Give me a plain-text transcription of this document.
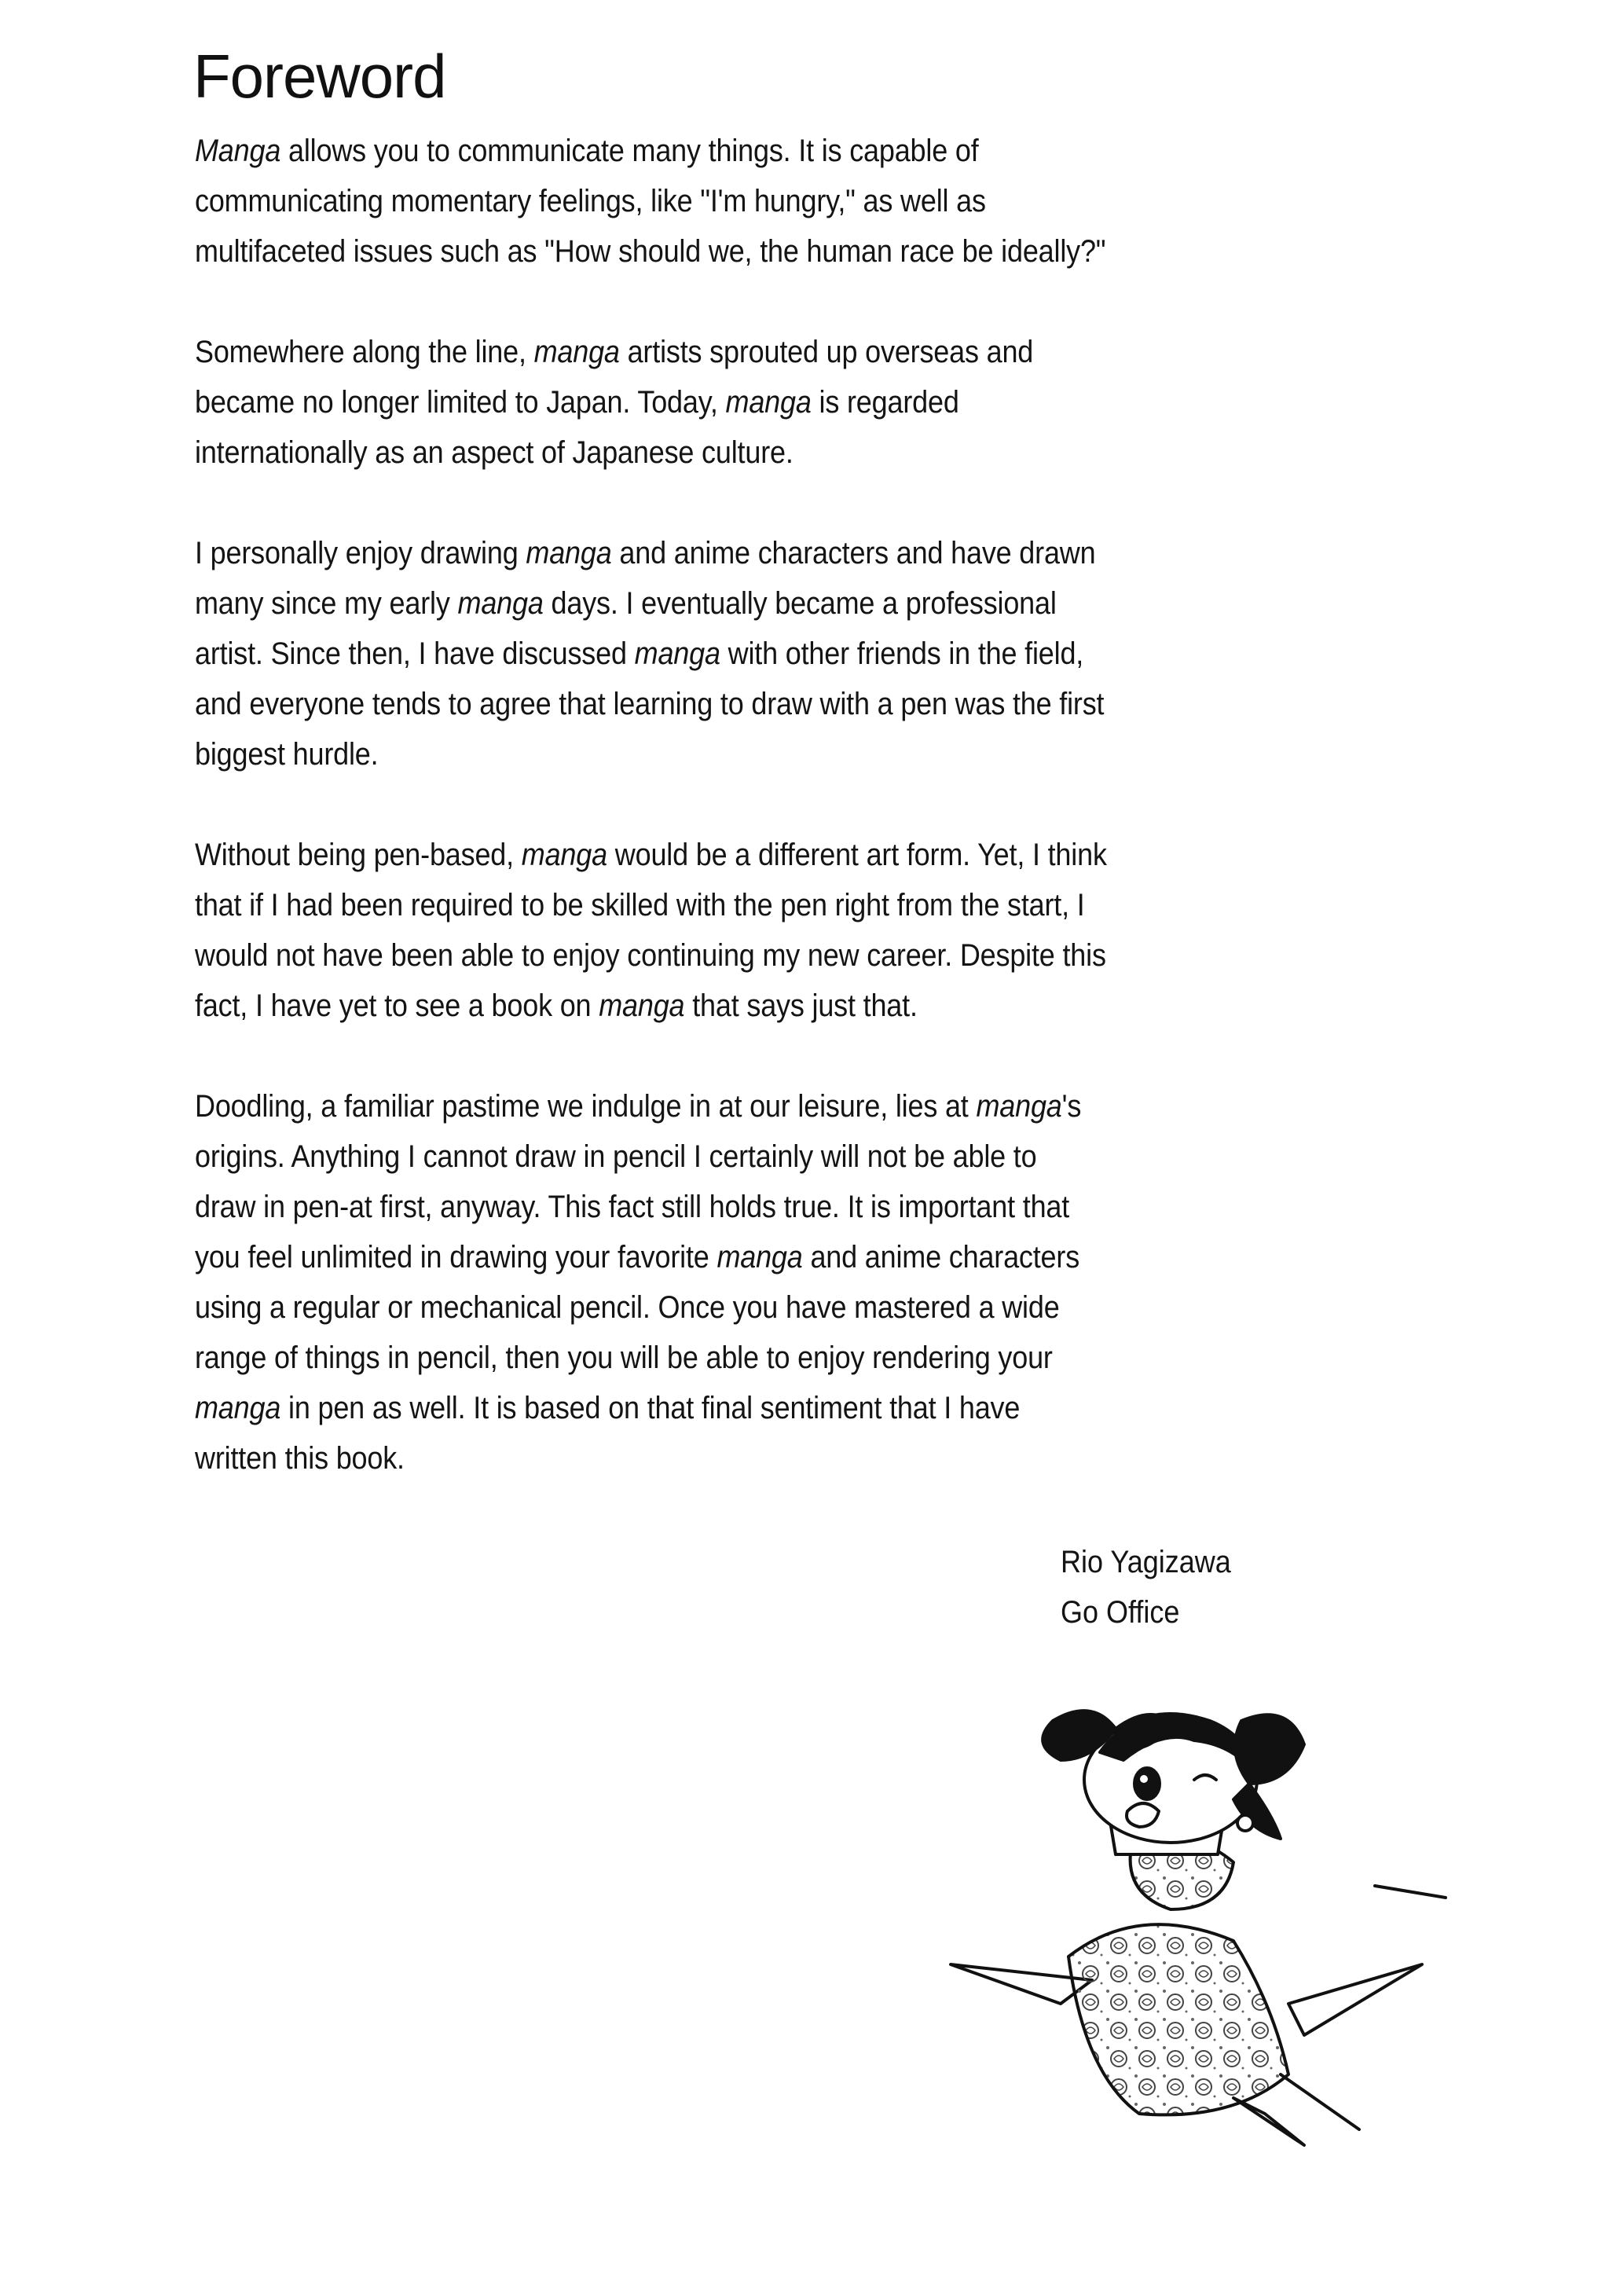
Foreword

Manga allows you to communicate many things. It is capable of
communicating momentary feelings, like "I'm hungry," as well as
multifaceted issues such as "How should we, the human race be ideally?"

Somewhere along the line, manga artists sprouted up overseas and
became no longer limited to Japan. Today, manga is regarded
internationally as an aspect of Japanese culture.

I personally enjoy drawing manga and anime characters and have drawn
many since my early manga days. I eventually became a professional
artist. Since then, I have discussed manga with other friends in the field,
and everyone tends to agree that learning to draw with a pen was the first
biggest hurdle.

Without being pen-based, manga would be a different art form. Yet, I think
that if I had been required to be skilled with the pen right from the start, I
would not have been able to enjoy continuing my new career. Despite this
fact, I have yet to see a book on manga that says just that.

Doodling, a familiar pastime we indulge in at our leisure, lies at manga's
origins. Anything I cannot draw in pencil I certainly will not be able to
draw in pen-at first, anyway. This fact still holds true. It is important that
you feel unlimited in drawing your favorite manga and anime characters
using a regular or mechanical pencil. Once you have mastered a wide
range of things in pencil, then you will be able to enjoy rendering your
manga in pen as well. It is based on that final sentiment that I have
written this book.

Rio Yagizawa
Go Office
